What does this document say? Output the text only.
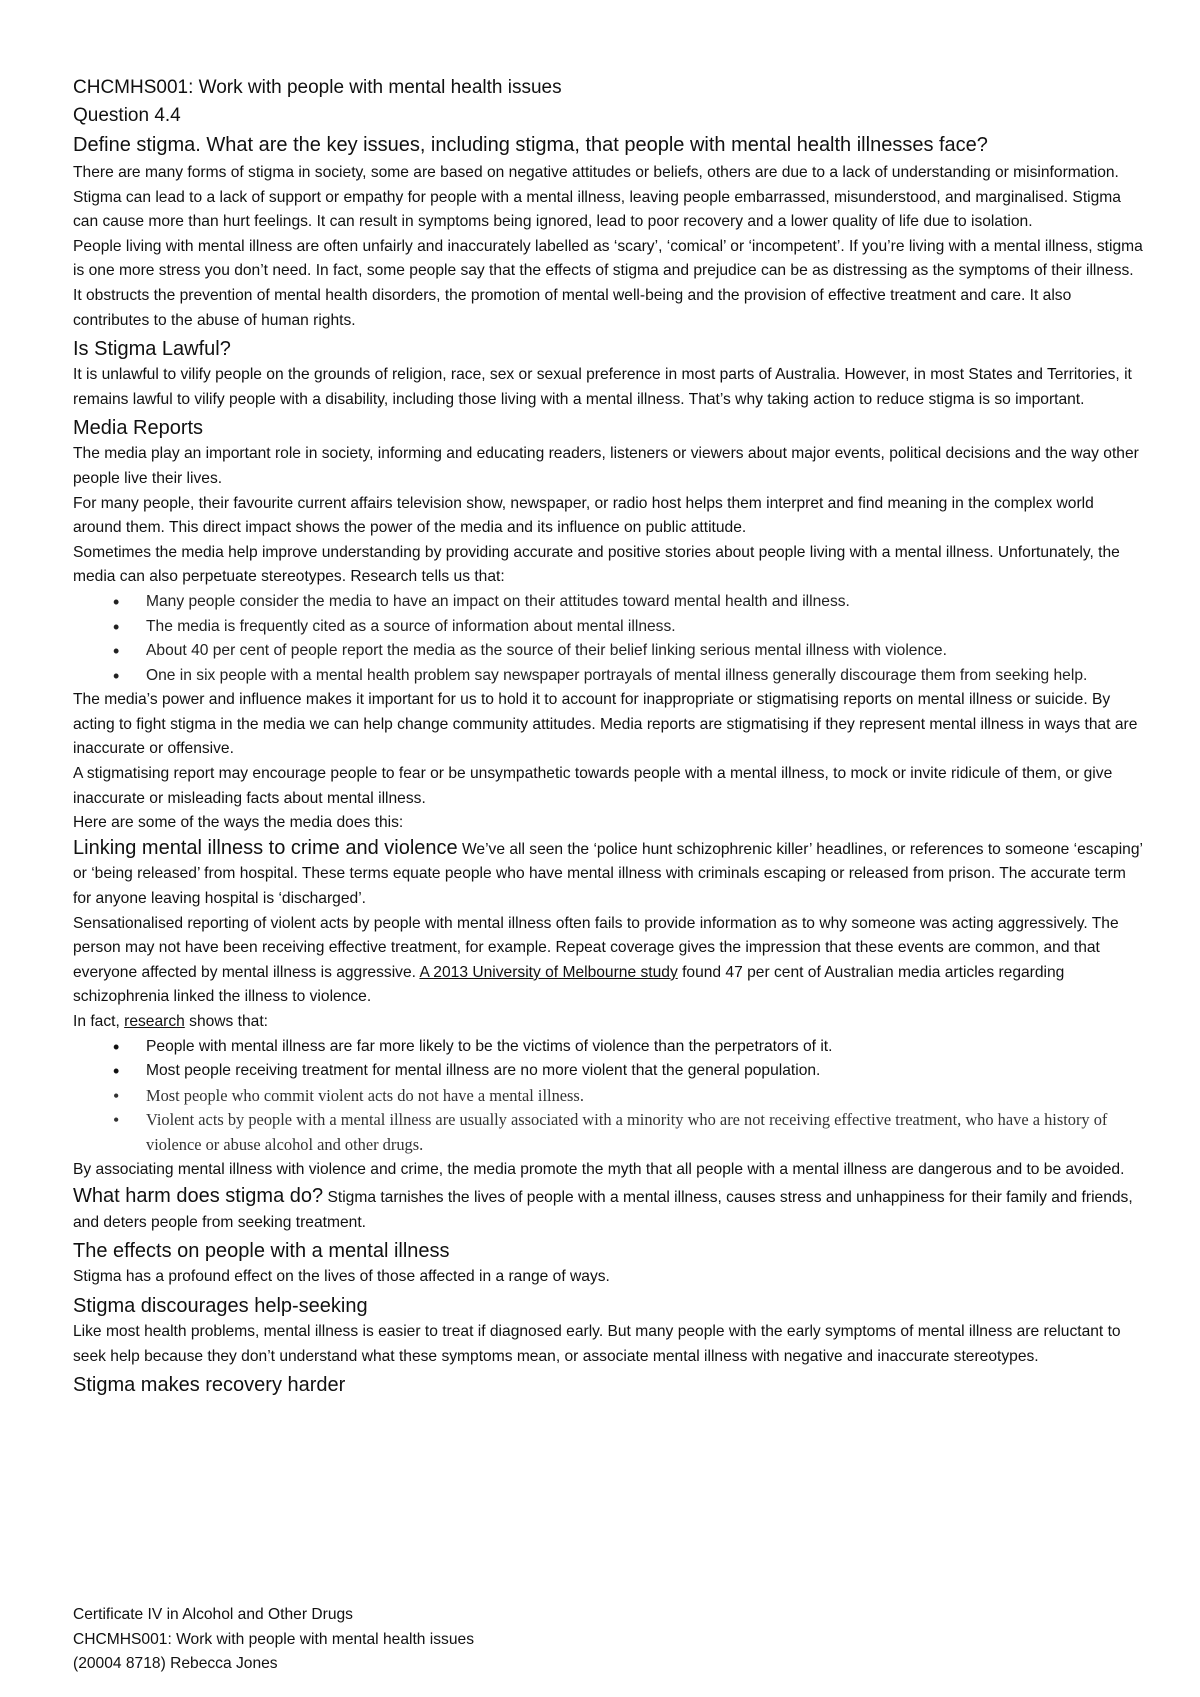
CHCMHS001: Work with people with mental health issues

Question 4.4

Define stigma. What are the key issues, including stigma, that people with mental health illnesses face?

There are many forms of stigma in society, some are based on negative attitudes or beliefs, others are due to a lack of understanding or misinformation.

Stigma can lead to a lack of support or empathy for people with a mental illness, leaving people embarrassed, misunderstood, and marginalised. Stigma can cause more than hurt feelings. It can result in symptoms being ignored, lead to poor recovery and a lower quality of life due to isolation.

People living with mental illness are often unfairly and inaccurately labelled as ‘scary’, ‘comical’ or ‘incompetent’. If you’re living with a mental illness, stigma is one more stress you don’t need. In fact, some people say that the effects of stigma and prejudice can be as distressing as the symptoms of their illness.

It obstructs the prevention of mental health disorders, the promotion of mental well-being and the provision of effective treatment and care. It also contributes to the abuse of human rights.

Is Stigma Lawful?

It is unlawful to vilify people on the grounds of religion, race, sex or sexual preference in most parts of Australia. However, in most States and Territories, it remains lawful to vilify people with a disability, including those living with a mental illness. That’s why taking action to reduce stigma is so important.

Media Reports

The media play an important role in society, informing and educating readers, listeners or viewers about major events, political decisions and the way other people live their lives.

For many people, their favourite current affairs television show, newspaper, or radio host helps them interpret and find meaning in the complex world around them. This direct impact shows the power of the media and its influence on public attitude.

Sometimes the media help improve understanding by providing accurate and positive stories about people living with a mental illness. Unfortunately, the media can also perpetuate stereotypes. Research tells us that:

• Many people consider the media to have an impact on their attitudes toward mental health and illness.
• The media is frequently cited as a source of information about mental illness.
• About 40 per cent of people report the media as the source of their belief linking serious mental illness with violence.
• One in six people with a mental health problem say newspaper portrayals of mental illness generally discourage them from seeking help.

The media’s power and influence makes it important for us to hold it to account for inappropriate or stigmatising reports on mental illness or suicide. By acting to fight stigma in the media we can help change community attitudes. Media reports are stigmatising if they represent mental illness in ways that are inaccurate or offensive.

A stigmatising report may encourage people to fear or be unsympathetic towards people with a mental illness, to mock or invite ridicule of them, or give inaccurate or misleading facts about mental illness.

Here are some of the ways the media does this:

Linking mental illness to crime and violence We’ve all seen the ‘police hunt schizophrenic killer’ headlines, or references to someone ‘escaping’ or ‘being released’ from hospital. These terms equate people who have mental illness with criminals escaping or released from prison. The accurate term for anyone leaving hospital is ‘discharged’.

Sensationalised reporting of violent acts by people with mental illness often fails to provide information as to why someone was acting aggressively. The person may not have been receiving effective treatment, for example. Repeat coverage gives the impression that these events are common, and that everyone affected by mental illness is aggressive. A 2013 University of Melbourne study found 47 per cent of Australian media articles regarding schizophrenia linked the illness to violence.

In fact, research shows that:

• People with mental illness are far more likely to be the victims of violence than the perpetrators of it.
• Most people receiving treatment for mental illness are no more violent that the general population.
• Most people who commit violent acts do not have a mental illness.
• Violent acts by people with a mental illness are usually associated with a minority who are not receiving effective treatment, who have a history of violence or abuse alcohol and other drugs.

By associating mental illness with violence and crime, the media promote the myth that all people with a mental illness are dangerous and to be avoided.

What harm does stigma do? Stigma tarnishes the lives of people with a mental illness, causes stress and unhappiness for their family and friends, and deters people from seeking treatment.

The effects on people with a mental illness

Stigma has a profound effect on the lives of those affected in a range of ways.

Stigma discourages help-seeking

Like most health problems, mental illness is easier to treat if diagnosed early. But many people with the early symptoms of mental illness are reluctant to seek help because they don’t understand what these symptoms mean, or associate mental illness with negative and inaccurate stereotypes.

Stigma makes recovery harder

Certificate IV in Alcohol and Other Drugs
CHCMHS001: Work with people with mental health issues
(20004 8718) Rebecca Jones
